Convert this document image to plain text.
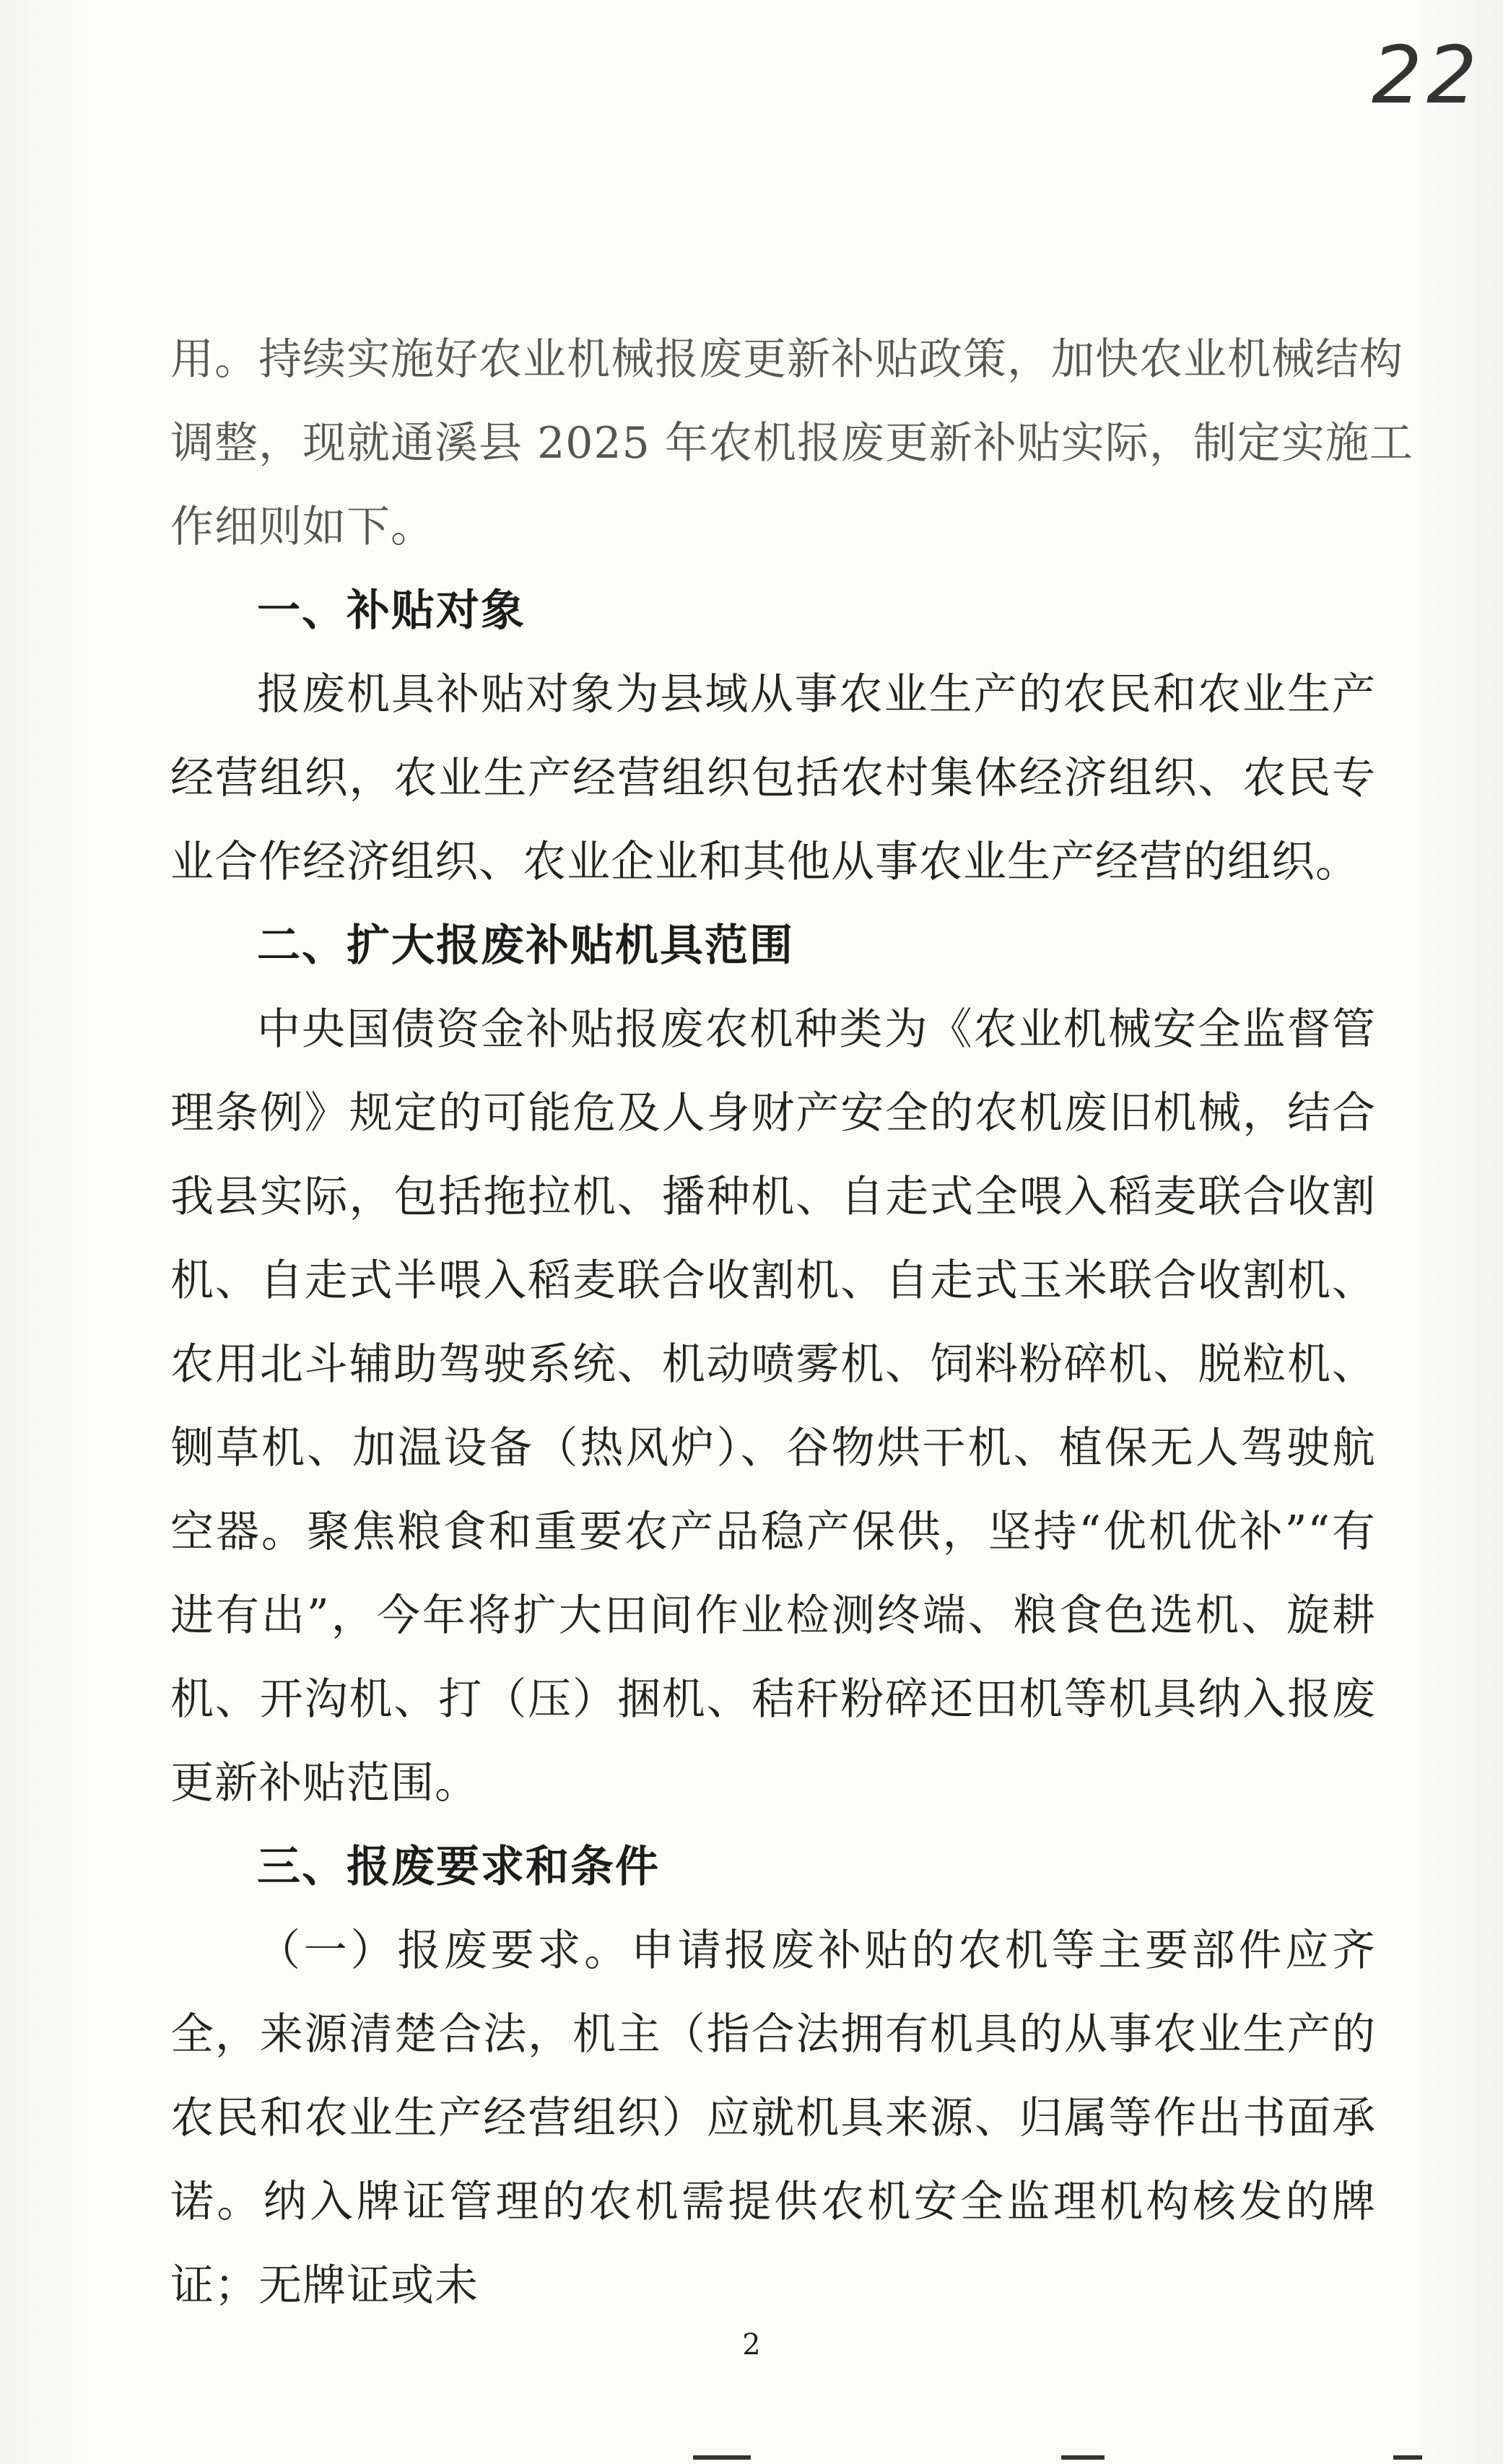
22
用。持续实施好农业机械报废更新补贴政策，加快农业机械结构
调整，现就通溪县 2025 年农机报废更新补贴实际，制定实施工
作细则如下。
一、补贴对象

报废机具补贴对象为县域从事农业生产的农民和农业生产经营组织，农业生产经营组织包括农村集体经济组织、农民专业合作经济组织、农业企业和其他从事农业生产经营的组织。

二、扩大报废补贴机具范围

中央国债资金补贴报废农机种类为《农业机械安全监督管理条例》规定的可能危及人身财产安全的农机废旧机械，结合我县实际，包括拖拉机、播种机、自走式全喂入稻麦联合收割机、自走式半喂入稻麦联合收割机、自走式玉米联合收割机、农用北斗辅助驾驶系统、机动喷雾机、饲料粉碎机、脱粒机、铡草机、加温设备（热风炉）、谷物烘干机、植保无人驾驶航空器。聚焦粮食和重要农产品稳产保供，坚持“优机优补”“有进有出”，今年将扩大田间作业检测终端、粮食色选机、旋耕机、开沟机、打（压）捆机、秸秆粉碎还田机等机具纳入报废更新补贴范围。

三、报废要求和条件

（一）报废要求。申请报废补贴的农机等主要部件应齐全，来源清楚合法，机主（指合法拥有机具的从事农业生产的农民和农业生产经营组织）应就机具来源、归属等作出书面承诺。纳入牌证管理的农机需提供农机安全监理机构核发的牌证；无牌证或未

2
